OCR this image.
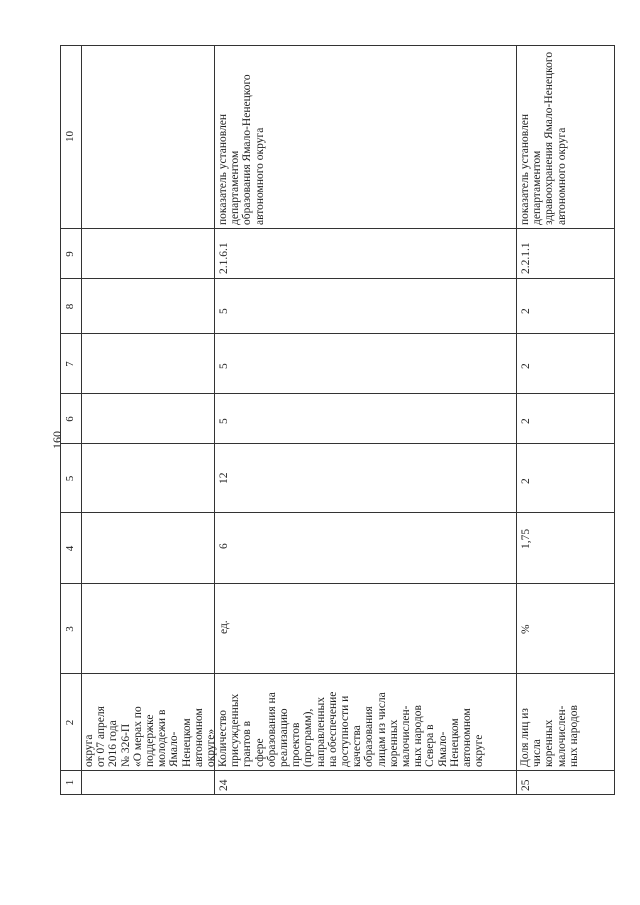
160
1
2
3
4
5
6
7
8
9
10
округа
от 07 апреля
2016 года
№ 326-П
«О мерах по
поддержке
молодежи в
Ямало-
Ненецком
автономном
округе»
24
Количество
присужденных
грантов в
сфере
образования на
реализацию
проектов
(программ),
направленных
на обеспечение
доступности и
качества
образования
лицам из числа
коренных
малочислен-
ных народов
Севера в
Ямало-
Ненецком
автономном
округе
ед.
6
12
5
5
5
2.1.6.1
показатель установлен департаментом
образования Ямало-Ненецкого
автономного округа
25
Доля лиц из
числа
коренных
малочислен-
ных народов
%
1,75
2
2
2
2
2.2.1.1
показатель установлен департаментом
здравоохранения Ямало-Ненецкого
автономного округа
